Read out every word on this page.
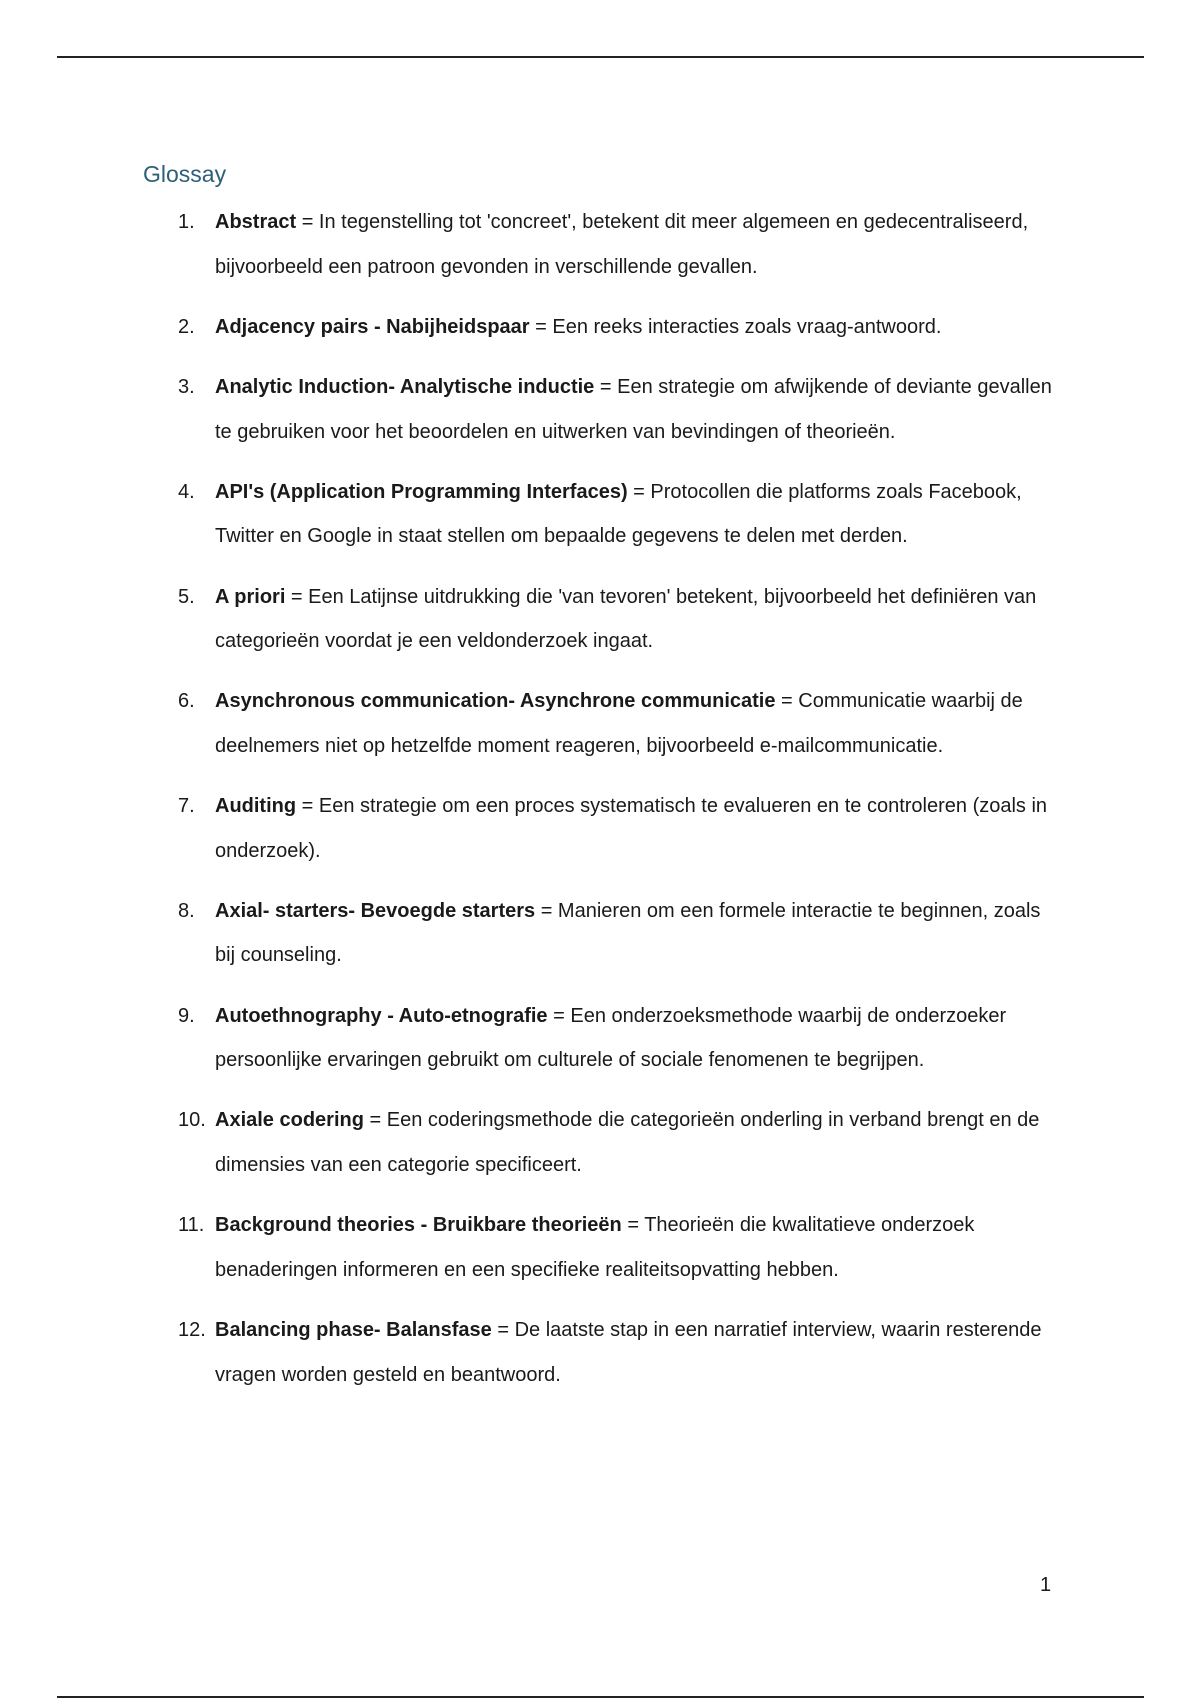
Glossay
1. Abstract = In tegenstelling tot 'concreet', betekent dit meer algemeen en gedecentraliseerd, bijvoorbeeld een patroon gevonden in verschillende gevallen.
2. Adjacency pairs - Nabijheidspaar = Een reeks interacties zoals vraag-antwoord.
3. Analytic Induction- Analytische inductie = Een strategie om afwijkende of deviante gevallen te gebruiken voor het beoordelen en uitwerken van bevindingen of theorieën.
4. API's (Application Programming Interfaces) = Protocollen die platforms zoals Facebook, Twitter en Google in staat stellen om bepaalde gegevens te delen met derden.
5. A priori = Een Latijnse uitdrukking die 'van tevoren' betekent, bijvoorbeeld het definiëren van categorieën voordat je een veldonderzoek ingaat.
6. Asynchronous communication- Asynchrone communicatie = Communicatie waarbij de deelnemers niet op hetzelfde moment reageren, bijvoorbeeld e-mailcommunicatie.
7. Auditing = Een strategie om een proces systematisch te evalueren en te controleren (zoals in onderzoek).
8. Axial- starters- Bevoegde starters = Manieren om een formele interactie te beginnen, zoals bij counseling.
9. Autoethnography - Auto-etnografie = Een onderzoeksmethode waarbij de onderzoeker persoonlijke ervaringen gebruikt om culturele of sociale fenomenen te begrijpen.
10. Axiale codering = Een coderingsmethode die categorieën onderling in verband brengt en de dimensies van een categorie specificeert.
11. Background theories - Bruikbare theorieën = Theorieën die kwalitatieve onderzoek benaderingen informeren en een specifieke realiteitsopvatting hebben.
12. Balancing phase- Balansfase = De laatste stap in een narratief interview, waarin resterende vragen worden gesteld en beantwoord.
1
